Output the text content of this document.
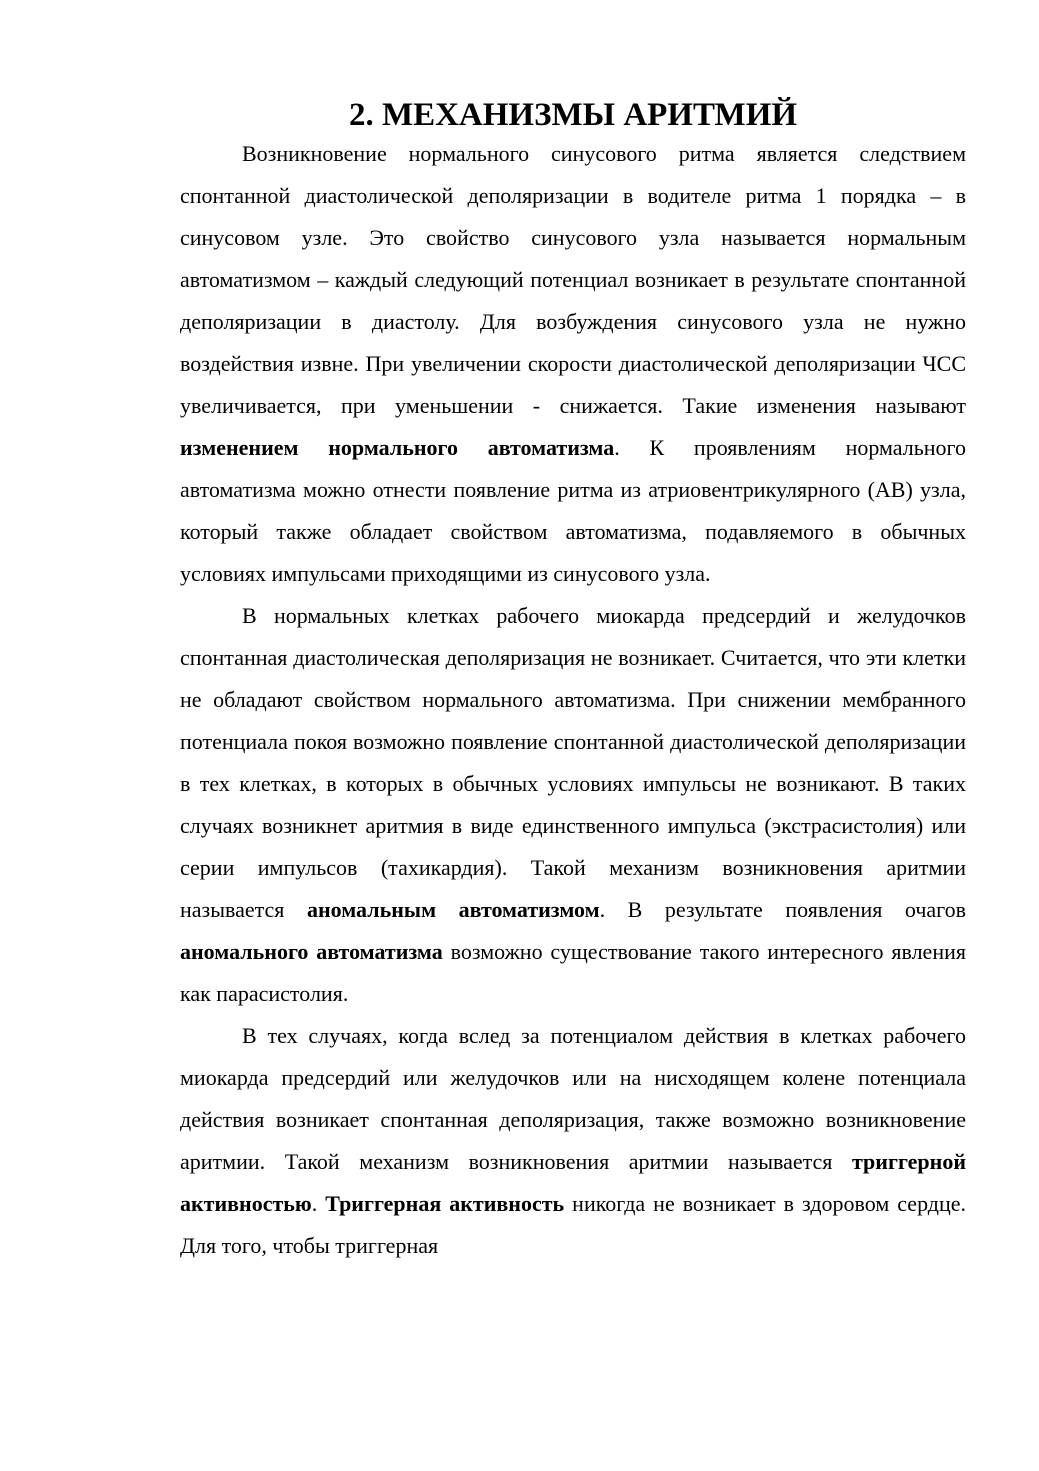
2. МЕХАНИЗМЫ АРИТМИЙ

Возникновение нормального синусового ритма является следствием спонтанной диастолической деполяризации в водителе ритма 1 порядка – в синусовом узле. Это свойство синусового узла называется нормальным автоматизмом – каждый следующий потенциал возникает в результате спонтанной деполяризации в диастолу. Для возбуждения синусового узла не нужно воздействия извне. При увеличении скорости диастолической деполяризации ЧСС увеличивается, при уменьшении - снижается. Такие изменения называют изменением нормального автоматизма. К проявлениям нормального автоматизма можно отнести появление ритма из атриовентрикулярного (АВ) узла, который также обладает свойством автоматизма, подавляемого в обычных условиях импульсами приходящими из синусового узла.

В нормальных клетках рабочего миокарда предсердий и желудочков спонтанная диастолическая деполяризация не возникает. Считается, что эти клетки не обладают свойством нормального автоматизма. При снижении мембранного потенциала покоя возможно появление спонтанной диастолической деполяризации в тех клетках, в которых в обычных условиях импульсы не возникают. В таких случаях возникнет аритмия в виде единственного импульса (экстрасистолия) или серии импульсов (тахикардия). Такой механизм возникновения аритмии называется аномальным автоматизмом. В результате появления очагов аномального автоматизма возможно существование такого интересного явления как парасистолия.

В тех случаях, когда вслед за потенциалом действия в клетках рабочего миокарда предсердий или желудочков или на нисходящем колене потенциала действия возникает спонтанная деполяризация, также возможно возникновение аритмии. Такой механизм возникновения аритмии называется триггерной активностью. Триггерная активность никогда не возникает в здоровом сердце. Для того, чтобы триггерная
